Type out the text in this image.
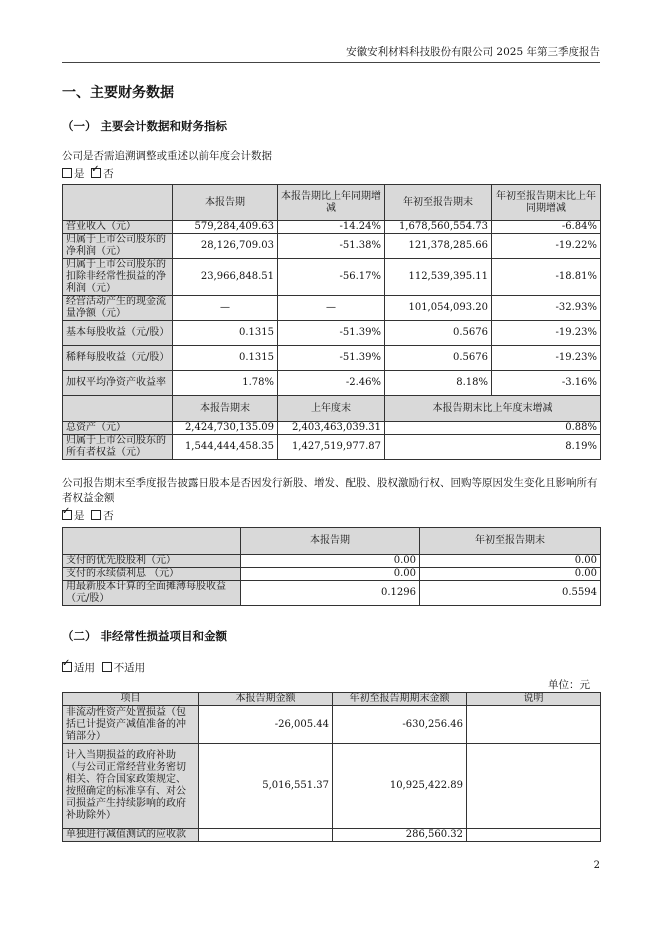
安徽安利材料科技股份有限公司 2025 年第三季度报告
一、主要财务数据
（一） 主要会计数据和财务指标
公司是否需追溯调整或重述以前年度会计数据
是 ✓ 否
	本报告期	本报告期比上年同期增减	年初至报告期末	年初至报告期末比上年同期增减
营业收入（元）	579,284,409.63	-14.24%	1,678,560,554.73	-6.84%
归属于上市公司股东的净利润（元）	28,126,709.03	-51.38%	121,378,285.66	-19.22%
归属于上市公司股东的扣除非经常性损益的净利润（元）	23,966,848.51	-56.17%	112,539,395.11	-18.81%
经营活动产生的现金流量净额（元）	—	—	101,054,093.20	-32.93%
基本每股收益（元/股）	0.1315	-51.39%	0.5676	-19.23%
稀释每股收益（元/股）	0.1315	-51.39%	0.5676	-19.23%
加权平均净资产收益率	1.78%	-2.46%	8.18%	-3.16%
	本报告期末	上年度末	本报告期末比上年度末增减	
总资产（元）	2,424,730,135.09	2,403,463,039.31	0.88%	
归属于上市公司股东的所有者权益（元）	1,544,444,458.35	1,427,519,977.87	8.19%	
公司报告期末至季度报告披露日股本是否因发行新股、增发、配股、股权激励行权、回购等原因发生变化且影响所有者权益金额
✓是 否
	本报告期	年初至报告期末
支付的优先股股利（元）	0.00	0.00
支付的永续债利息 （元）	0.00	0.00
用最新股本计算的全面摊薄每股收益（元/股）	0.1296	0.5594
（二） 非经常性损益项目和金额
✓适用 不适用
单位：元
项目	本报告期金额	年初至报告期期末金额	说明
非流动性资产处置损益（包括已计提资产减值准备的冲销部分）	-26,005.44	-630,256.46	
计入当期损益的政府补助（与公司正常经营业务密切相关、符合国家政策规定、按照确定的标准享有、对公司损益产生持续影响的政府补助除外）	5,016,551.37	10,925,422.89	
单独进行减值测试的应收款		286,560.32	
2
